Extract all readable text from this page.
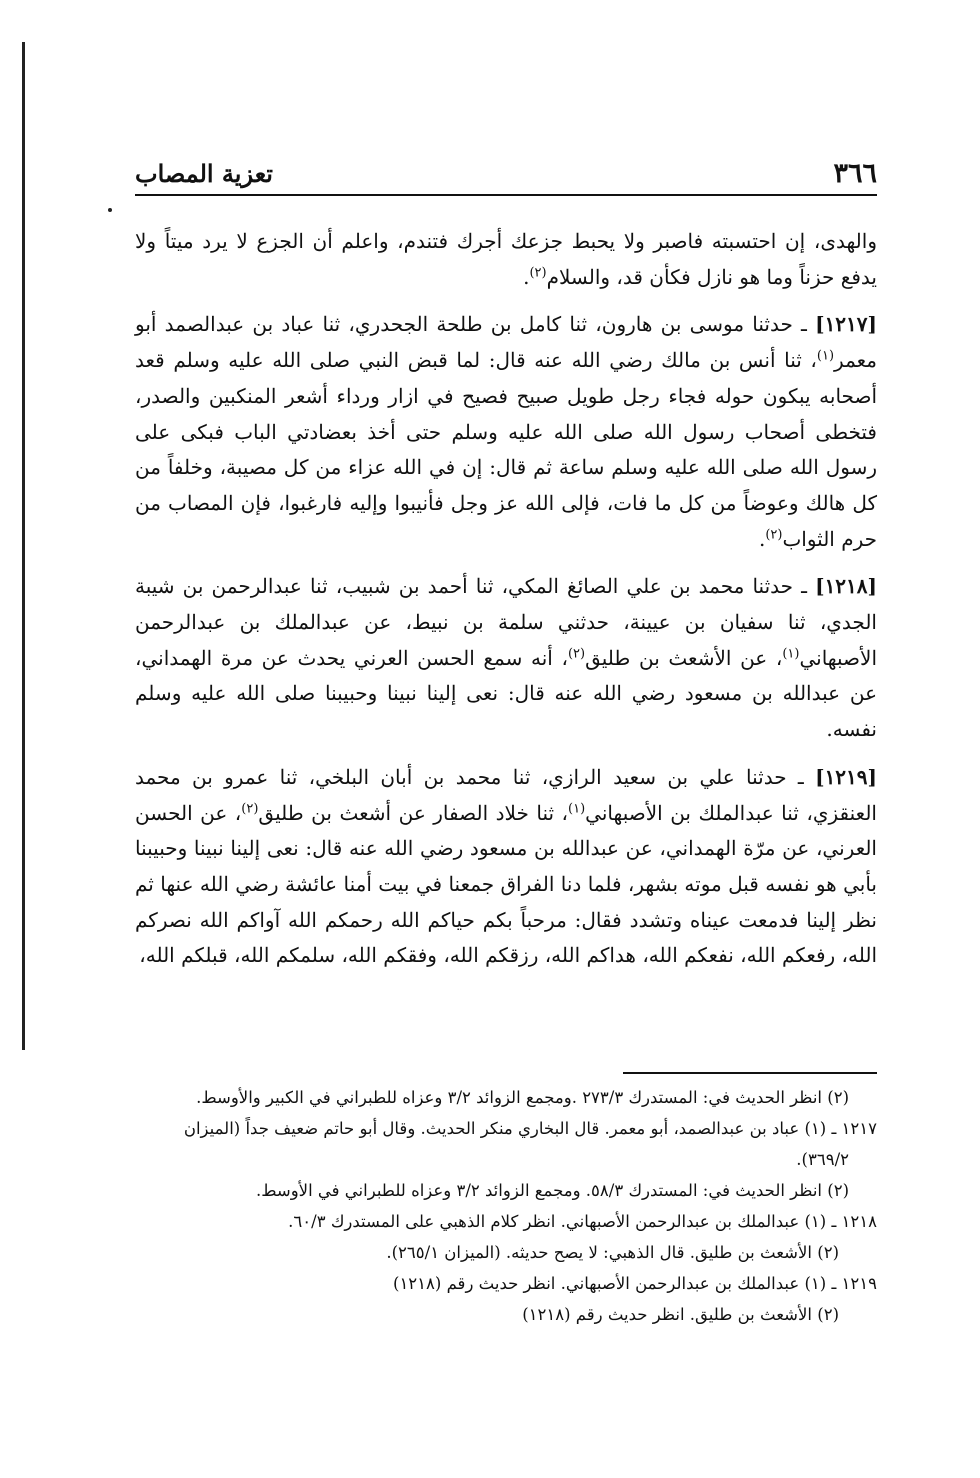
٣٦٦
تعزية المصاب

والهدى، إن احتسبته فاصبر ولا يحبط جزعك أجرك فتندم، واعلم أن الجزع لا يرد ميتاً ولا يدفع حزناً وما هو نازل فكأن قد، والسلام$^{(٢)}$.

[١٢١٧] ـ حدثنا موسى بن هارون، ثنا كامل بن طلحة الجحدري، ثنا عباد بن عبدالصمد أبو معمر$^{(١)}$، ثنا أنس بن مالك رضي الله عنه قال: لما قبض النبي صلى الله عليه وسلم قعد أصحابه يبكون حوله فجاء رجل طويل صبيح فصيح في ازار ورداء أشعر المنكبين والصدر، فتخطى أصحاب رسول الله صلى الله عليه وسلم حتى أخذ بعضادتي الباب فبكى على رسول الله صلى الله عليه وسلم ساعة ثم قال: إن في الله عزاء من كل مصيبة، وخلفاً من كل هالك وعوضاً من كل ما فات، فإلى الله عز وجل فأنيبوا وإليه فارغبوا، فإن المصاب من حرم الثواب$^{(٢)}$.

[١٢١٨] ـ حدثنا محمد بن علي الصائغ المكي، ثنا أحمد بن شبيب، ثنا عبدالرحمن بن شيبة الجدي، ثنا سفيان بن عيينة، حدثني سلمة بن نبيط، عن عبدالملك بن عبدالرحمن الأصبهاني$^{(١)}$، عن الأشعث بن طليق$^{(٢)}$، أنه سمع الحسن العرني يحدث عن مرة الهمداني، عن عبدالله بن مسعود رضي الله عنه قال: نعى إلينا نبينا وحبيبنا صلى الله عليه وسلم نفسه.

[١٢١٩] ـ حدثنا علي بن سعيد الرازي، ثنا محمد بن أبان البلخي، ثنا عمرو بن محمد العنقزي، ثنا عبدالملك بن الأصبهاني$^{(١)}$، ثنا خلاد الصفار عن أشعث بن طليق$^{(٢)}$، عن الحسن العرني، عن مرّة الهمداني، عن عبدالله بن مسعود رضي الله عنه قال: نعى إلينا نبينا وحبيبنا بأبي هو نفسه قبل موته بشهر، فلما دنا الفراق جمعنا في بيت أمنا عائشة رضي الله عنها ثم نظر إلينا فدمعت عيناه وتشدد فقال: مرحباً بكم حياكم الله رحمكم الله آواكم الله نصركم الله، رفعكم الله، نفعكم الله، هداكم الله، رزقكم الله، وفقكم الله، سلمكم الله، قبلكم الله،

(٢) انظر الحديث في: المستدرك ٢٧٣/٣ .ومجمع الزوائد ٣/٢ وعزاه للطبراني في الكبير والأوسط.

١٢١٧ ـ (١) عباد بن عبدالصمد، أبو معمر. قال البخاري منكر الحديث. وقال أبو حاتم ضعيف جداً (الميزان

٣٦٩/٢).

(٢) انظر الحديث في: المستدرك ٥٨/٣. ومجمع الزوائد ٣/٢ وعزاه للطبراني في الأوسط.

١٢١٨ ـ (١) عبدالملك بن عبدالرحمن الأصبهاني. انظر كلام الذهبي على المستدرك ٦٠/٣.

(٢) الأشعث بن طليق. قال الذهبي: لا يصح حديثه. (الميزان ٢٦٥/١).

١٢١٩ ـ (١) عبدالملك بن عبدالرحمن الأصبهاني. انظر حديث رقم (١٢١٨)

(٢) الأشعث بن طليق. انظر حديث رقم (١٢١٨)
